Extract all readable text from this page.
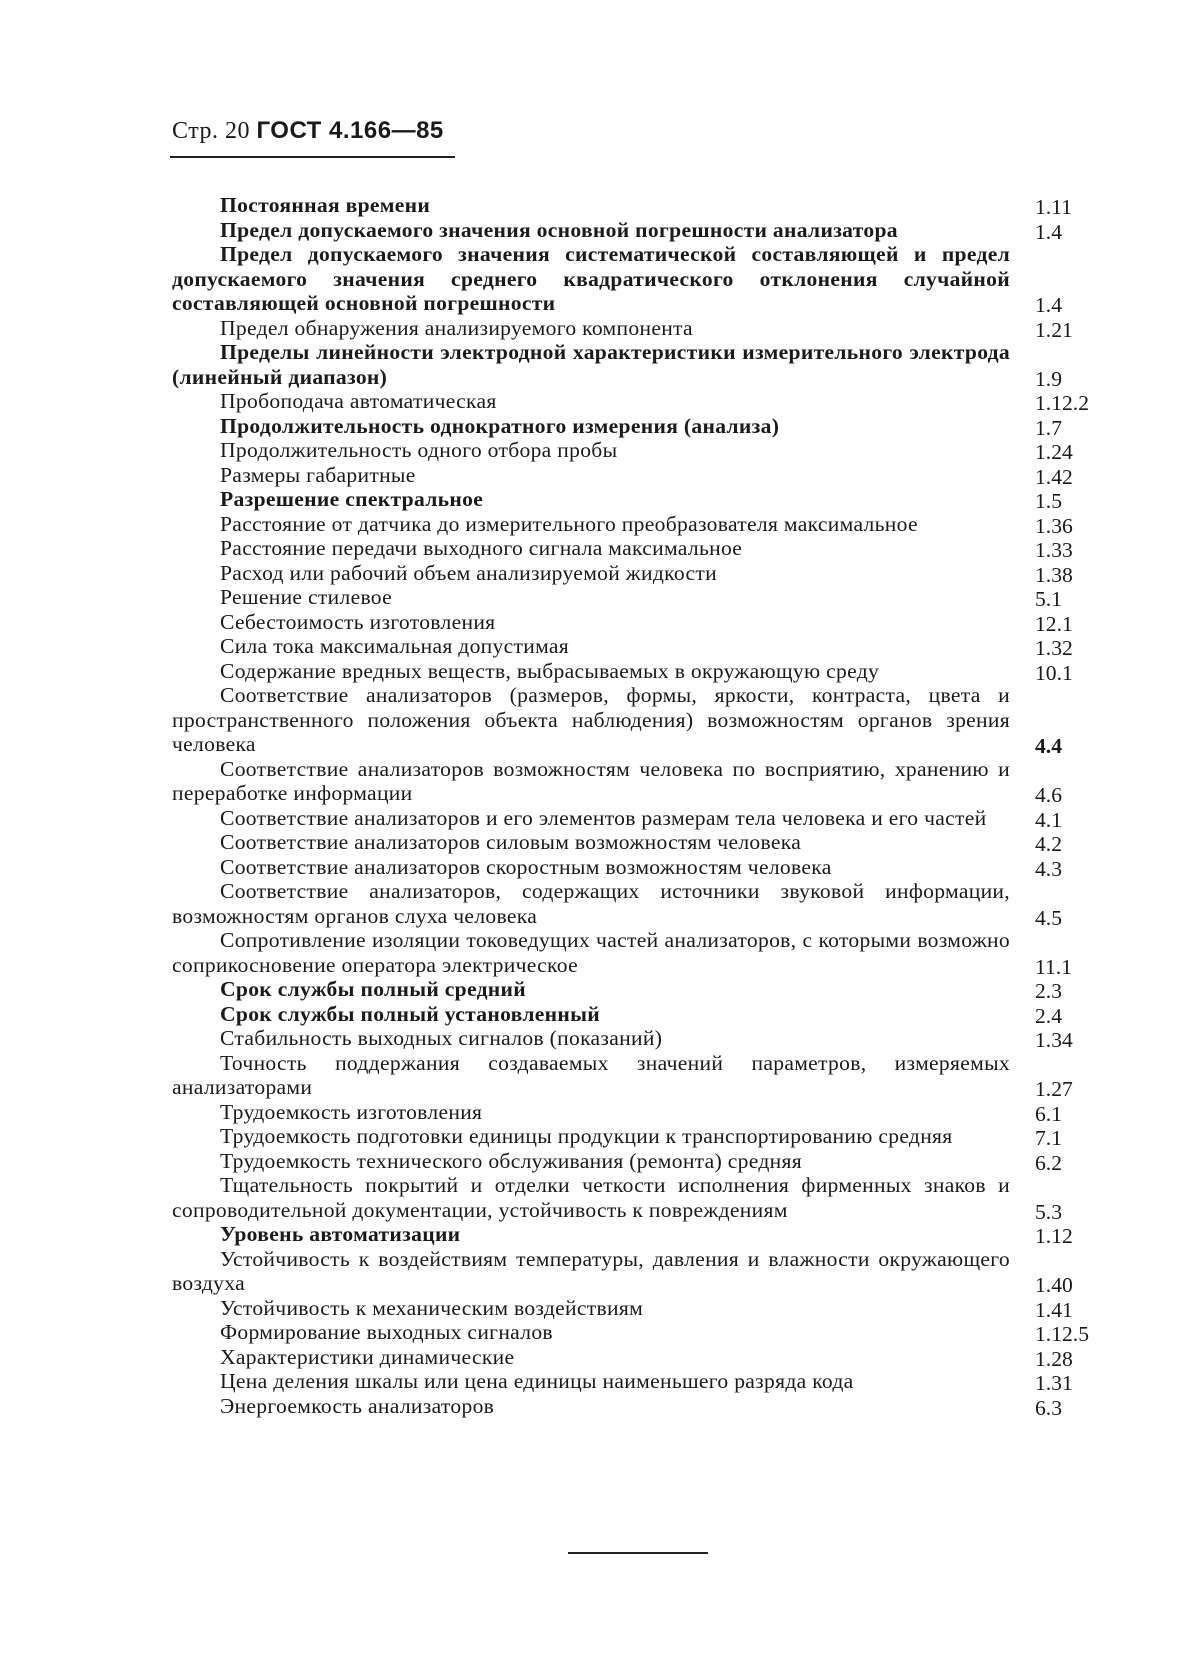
Стр. 20 ГОСТ 4.166—85
Постоянная времени	1.11
Предел допускаемого значения основной погрешности анализатора	1.4
Предел допускаемого значения систематической составляющей и предел допускаемого значения среднего квадратического отклонения случайной составляющей основной погрешности	1.4
Предел обнаружения анализируемого компонента	1.21
Пределы линейности электродной характеристики измерительного электрода (линейный диапазон)	1.9
Пробоподача автоматическая	1.12.2
Продолжительность однократного измерения (анализа)	1.7
Продолжительность одного отбора пробы	1.24
Размеры габаритные	1.42
Разрешение спектральное	1.5
Расстояние от датчика до измерительного преобразователя максимальное	1.36
Расстояние передачи выходного сигнала максимальное	1.33
Расход или рабочий объем анализируемой жидкости	1.38
Решение стилевое	5.1
Себестоимость изготовления	12.1
Сила тока максимальная допустимая	1.32
Содержание вредных веществ, выбрасываемых в окружающую среду	10.1
Соответствие анализаторов (размеров, формы, яркости, контраста, цвета и пространственного положения объекта наблюдения) возможностям органов зрения человека	4.4
Соответствие анализаторов возможностям человека по восприятию, хранению и переработке информации	4.6
Соответствие анализаторов и его элементов размерам тела человека и его частей	4.1
Соответствие анализаторов силовым возможностям человека	4.2
Соответствие анализаторов скоростным возможностям человека	4.3
Соответствие анализаторов, содержащих источники звуковой информации, возможностям органов слуха человека	4.5
Сопротивление изоляции токоведущих частей анализаторов, с которыми возможно соприкосновение оператора электрическое	11.1
Срок службы полный средний	2.3
Срок службы полный установленный	2.4
Стабильность выходных сигналов (показаний)	1.34
Точность поддержания создаваемых значений параметров, измеряемых анализаторами	1.27
Трудоемкость изготовления	6.1
Трудоемкость подготовки единицы продукции к транспортированию средняя	7.1
Трудоемкость технического обслуживания (ремонта) средняя	6.2
Тщательность покрытий и отделки четкости исполнения фирменных знаков и сопроводительной документации, устойчивость к повреждениям	5.3
Уровень автоматизации	1.12
Устойчивость к воздействиям температуры, давления и влажности окружающего воздуха	1.40
Устойчивость к механическим воздействиям	1.41
Формирование выходных сигналов	1.12.5
Характеристики динамические	1.28
Цена деления шкалы или цена единицы наименьшего разряда кода	1.31
Энергоемкость анализаторов	6.3
